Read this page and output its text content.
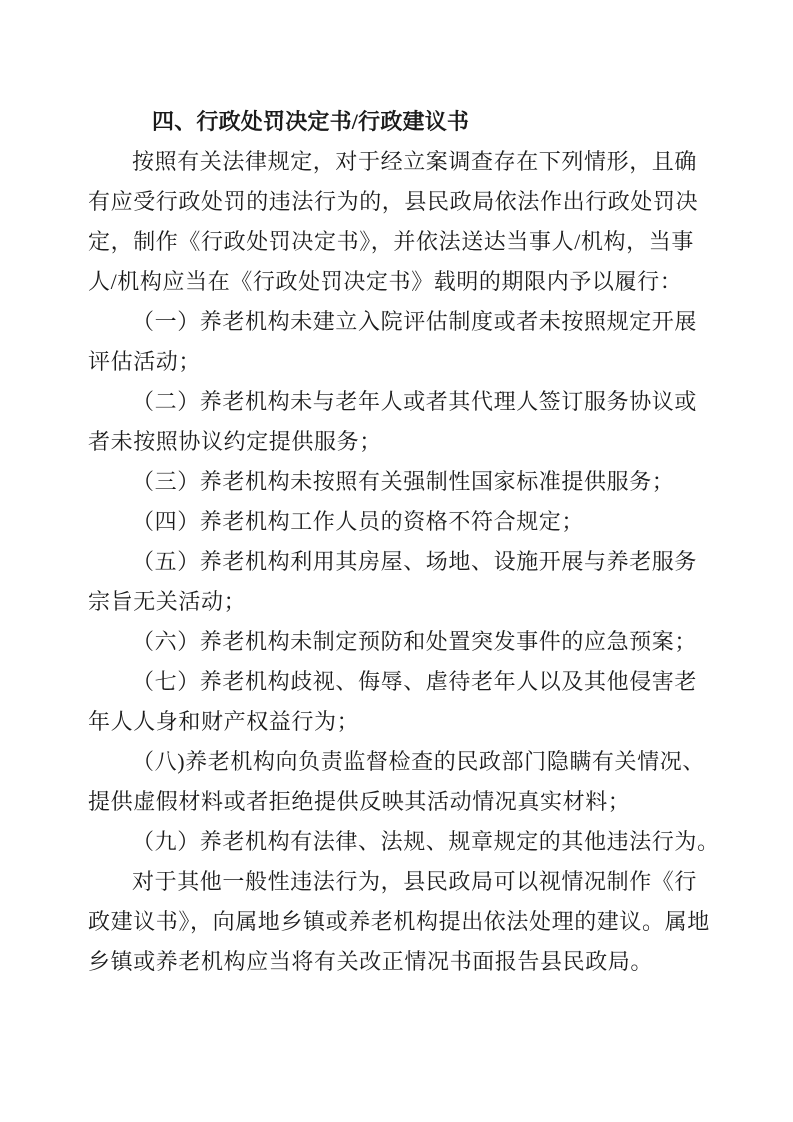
四、行政处罚决定书/行政建议书
按照有关法律规定，对于经立案调查存在下列情形，且确
有应受行政处罚的违法行为的，县民政局依法作出行政处罚决
定，制作《行政处罚决定书》，并依法送达当事人/机构，当事
人/机构应当在《行政处罚决定书》载明的期限内予以履行：
（一）养老机构未建立入院评估制度或者未按照规定开展
评估活动；
（二）养老机构未与老年人或者其代理人签订服务协议或
者未按照协议约定提供服务；
（三）养老机构未按照有关强制性国家标准提供服务；
（四）养老机构工作人员的资格不符合规定；
（五）养老机构利用其房屋、场地、设施开展与养老服务
宗旨无关活动；
（六）养老机构未制定预防和处置突发事件的应急预案；
（七）养老机构歧视、侮辱、虐待老年人以及其他侵害老
年人人身和财产权益行为；
（八)养老机构向负责监督检查的民政部门隐瞒有关情况、
提供虚假材料或者拒绝提供反映其活动情况真实材料；
（九）养老机构有法律、法规、规章规定的其他违法行为。
对于其他一般性违法行为，县民政局可以视情况制作《行
政建议书》，向属地乡镇或养老机构提出依法处理的建议。属地
乡镇或养老机构应当将有关改正情况书面报告县民政局。
